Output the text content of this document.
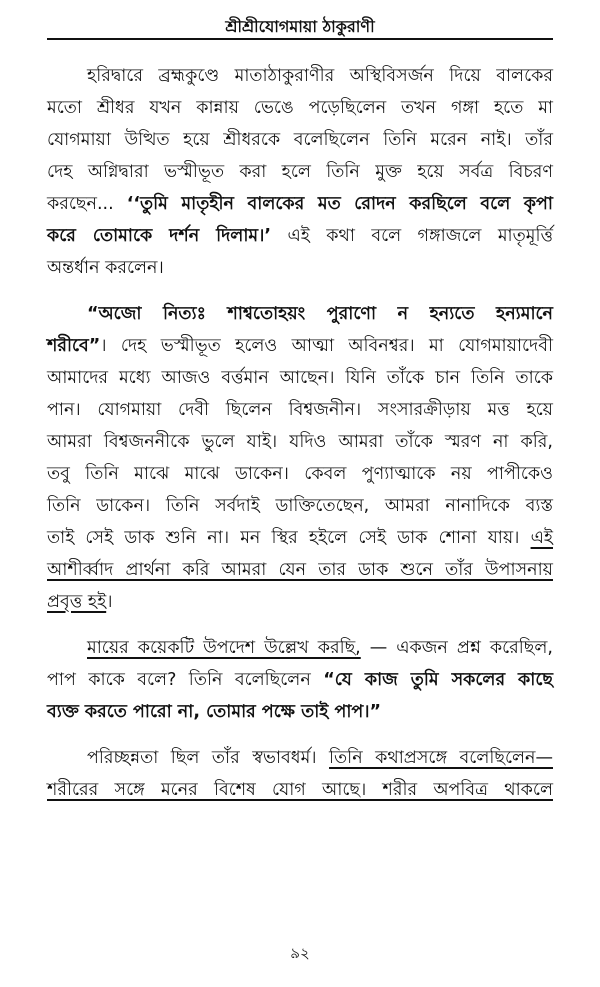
শ্রীশ্রীযোগমায়া ঠাকুরাণী
হরিদ্বারে ব্রহ্মকুণ্ডে মাতাঠাকুরাণীর অস্থিবিসর্জন দিয়ে বালকের
মতো শ্রীধর যখন কান্নায় ভেঙে পড়েছিলেন তখন গঙ্গা হতে মা
যোগমায়া উত্থিত হয়ে শ্রীধরকে বলেছিলেন তিনি মরেন নাই। তাঁর
দেহ অগ্নিদ্বারা ভস্মীভূত করা হলে তিনি মুক্ত হয়ে সর্বত্র বিচরণ
করছেন... ‘‘তুমি মাতৃহীন বালকের মত রোদন করছিলে বলে কৃপা
করে তোমাকে দর্শন দিলাম।’ এই কথা বলে গঙ্গাজলে মাতৃমূর্ত্তি
অন্তর্ধান করলেন।
“অজো নিত্যঃ শাশ্বতোহয়ং পুরাণো ন হন্যতে হন্যমানে
শরীবে”। দেহ ভস্মীভূত হলেও আত্মা অবিনশ্বর। মা যোগমায়াদেবী
আমাদের মধ্যে আজও বর্ত্তমান আছেন। যিনি তাঁকে চান তিনি তাকে
পান। যোগমায়া দেবী ছিলেন বিশ্বজনীন। সংসারক্রীড়ায় মত্ত হয়ে
আমরা বিশ্বজননীকে ভুলে যাই। যদিও আমরা তাঁকে স্মরণ না করি,
তবু তিনি মাঝে মাঝে ডাকেন। কেবল পুণ্যাত্মাকে নয় পাপীকেও
তিনি ডাকেন। তিনি সর্বদাই ডাক্তিতেছেন, আমরা নানাদিকে ব্যস্ত
তাই সেই ডাক শুনি না। মন স্থির হইলে সেই ডাক শোনা যায়। এই
আশীর্ব্বাদ প্রার্থনা করি আমরা যেন তার ডাক শুনে তাঁর উপাসনায়
প্রবৃত্ত হই।
মায়ের কয়েকটি উপদেশ উল্লেখ করছি, — একজন প্রশ্ন করেছিল,
পাপ কাকে বলে? তিনি বলেছিলেন “যে কাজ তুমি সকলের কাছে
ব্যক্ত করতে পারো না, তোমার পক্ষে তাই পাপ।”
পরিচ্ছন্নতা ছিল তাঁর স্বভাবধর্ম। তিনি কথাপ্রসঙ্গে বলেছিলেন—
শরীরের সঙ্গে মনের বিশেষ যোগ আছে। শরীর অপবিত্র থাকলে
৯২
